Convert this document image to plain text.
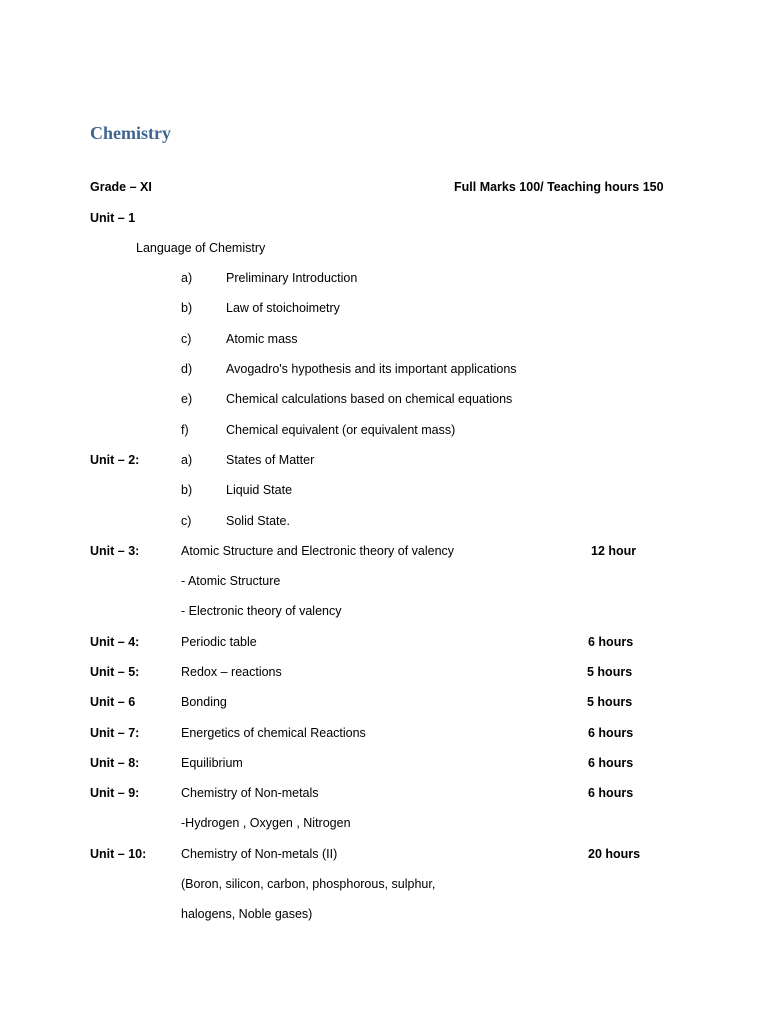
Chemistry
Grade – XI	Full Marks 100/ Teaching hours 150
Unit – 1
Language of Chemistry
a)	Preliminary Introduction
b)	Law of stoichoimetry
c)	Atomic mass
d)	Avogadro's hypothesis and its important applications
e)	Chemical calculations based on chemical equations
f)	Chemical equivalent (or equivalent mass)
Unit – 2:	a)	States of Matter
b)	Liquid State
c)	Solid State.
Unit – 3:	Atomic Structure and Electronic theory of valency	12 hour
- Atomic Structure
- Electronic theory of valency
Unit – 4:	Periodic table	6 hours
Unit – 5:	Redox – reactions	5 hours
Unit – 6	Bonding	5 hours
Unit – 7:	Energetics of chemical Reactions	6 hours
Unit – 8:	Equilibrium	6 hours
Unit – 9:	Chemistry of Non-metals	6 hours
-Hydrogen , Oxygen , Nitrogen
Unit – 10:	Chemistry of Non-metals (II)	20 hours
(Boron, silicon, carbon, phosphorous, sulphur,
halogens, Noble gases)
